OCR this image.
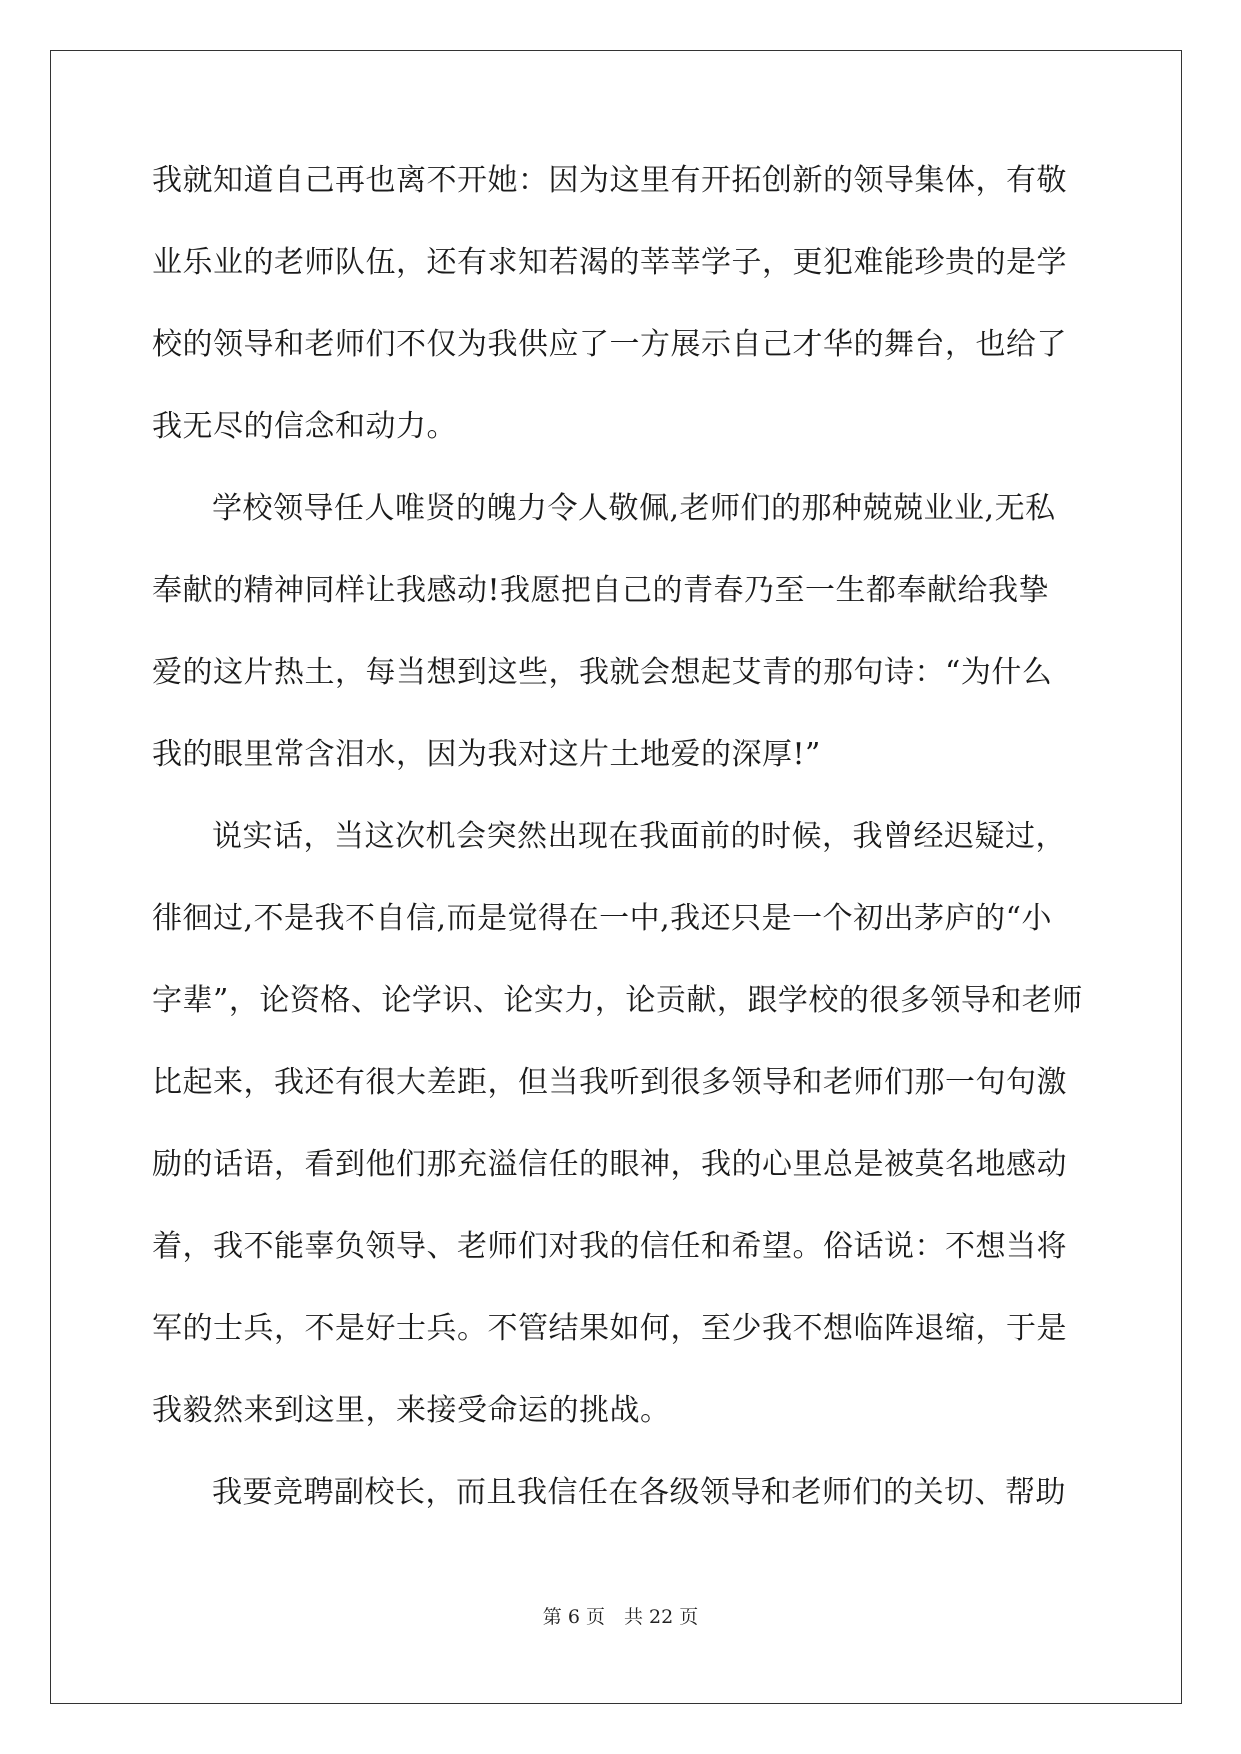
我就知道自己再也离不开她：因为这里有开拓创新的领导集体，有敬
业乐业的老师队伍，还有求知若渴的莘莘学子，更犯难能珍贵的是学
校的领导和老师们不仅为我供应了一方展示自己才华的舞台，也给了
我无尽的信念和动力。
学校领导任人唯贤的魄力令人敬佩,老师们的那种兢兢业业,无私
奉献的精神同样让我感动!我愿把自己的青春乃至一生都奉献给我挚
爱的这片热土，每当想到这些，我就会想起艾青的那句诗：“为什么
我的眼里常含泪水，因为我对这片土地爱的深厚!”
说实话，当这次机会突然出现在我面前的时候，我曾经迟疑过，
徘徊过,不是我不自信,而是觉得在一中,我还只是一个初出茅庐的“小
字辈”，论资格、论学识、论实力，论贡献，跟学校的很多领导和老师
比起来，我还有很大差距，但当我听到很多领导和老师们那一句句激
励的话语，看到他们那充溢信任的眼神，我的心里总是被莫名地感动
着，我不能辜负领导、老师们对我的信任和希望。俗话说：不想当将
军的士兵，不是好士兵。不管结果如何，至少我不想临阵退缩，于是
我毅然来到这里，来接受命运的挑战。
我要竞聘副校长，而且我信任在各级领导和老师们的关切、帮助
第 6 页　共 22 页
